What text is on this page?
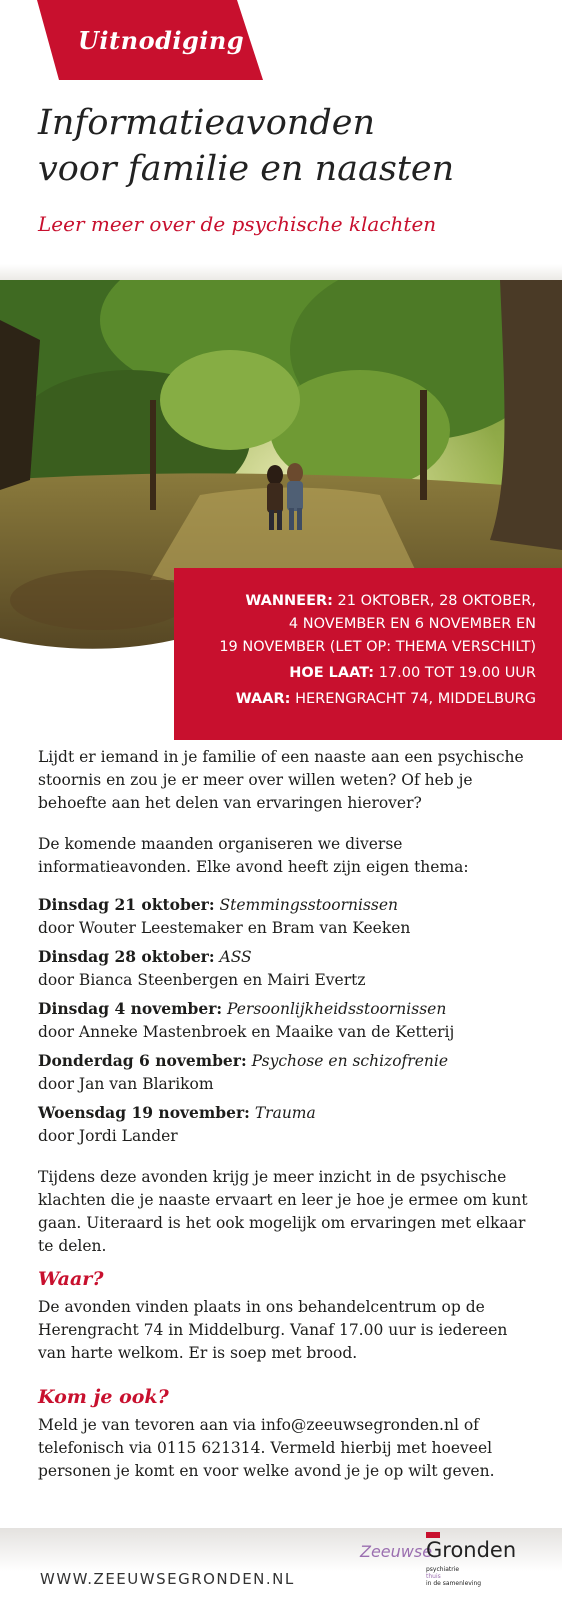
Uitnodiging
Informatieavonden
voor familie en naasten
Leer meer over de psychische klachten

WANNEER: 21 OKTOBER, 28 OKTOBER,

4 NOVEMBER EN 6 NOVEMBER EN

19 NOVEMBER (LET OP: THEMA VERSCHILT)

HOE LAAT: 17.00 TOT 19.00 UUR

WAAR: HERENGRACHT 74, MIDDELBURG

Lijdt er iemand in je familie of een naaste aan een psychische stoornis en zou je er meer over willen weten? Of heb je behoefte aan het delen van ervaringen hierover?

De komende maanden organiseren we diverse informatieavonden. Elke avond heeft zijn eigen thema:

Dinsdag 21 oktober: Stemmingsstoornissen
door Wouter Leestemaker en Bram van Keeken
Dinsdag 28 oktober: ASS
door Bianca Steenbergen en Mairi Evertz
Dinsdag 4 november: Persoonlijkheidsstoornissen
door Anneke Mastenbroek en Maaike van de Ketterij
Donderdag 6 november: Psychose en schizofrenie
door Jan van Blarikom
Woensdag 19 november: Trauma
door Jordi Lander

Tijdens deze avonden krijg je meer inzicht in de psychische klachten die je naaste ervaart en leer je hoe je ermee om kunt gaan. Uiteraard is het ook mogelijk om ervaringen met elkaar te delen.

Waar?

De avonden vinden plaats in ons behandelcentrum op de Herengracht 74 in Middelburg. Vanaf 17.00 uur is iedereen van harte welkom. Er is soep met brood.

Kom je ook?

Meld je van tevoren aan via info@zeeuwsegronden.nl of telefonisch via 0115 621314. Vermeld hierbij met hoeveel personen je komt en voor welke avond je je op wilt geven.

WWW.ZEEUWSEGRONDEN.NL
Zeeuwse
Gronden
psychiatrie
thuis
in de samenleving
